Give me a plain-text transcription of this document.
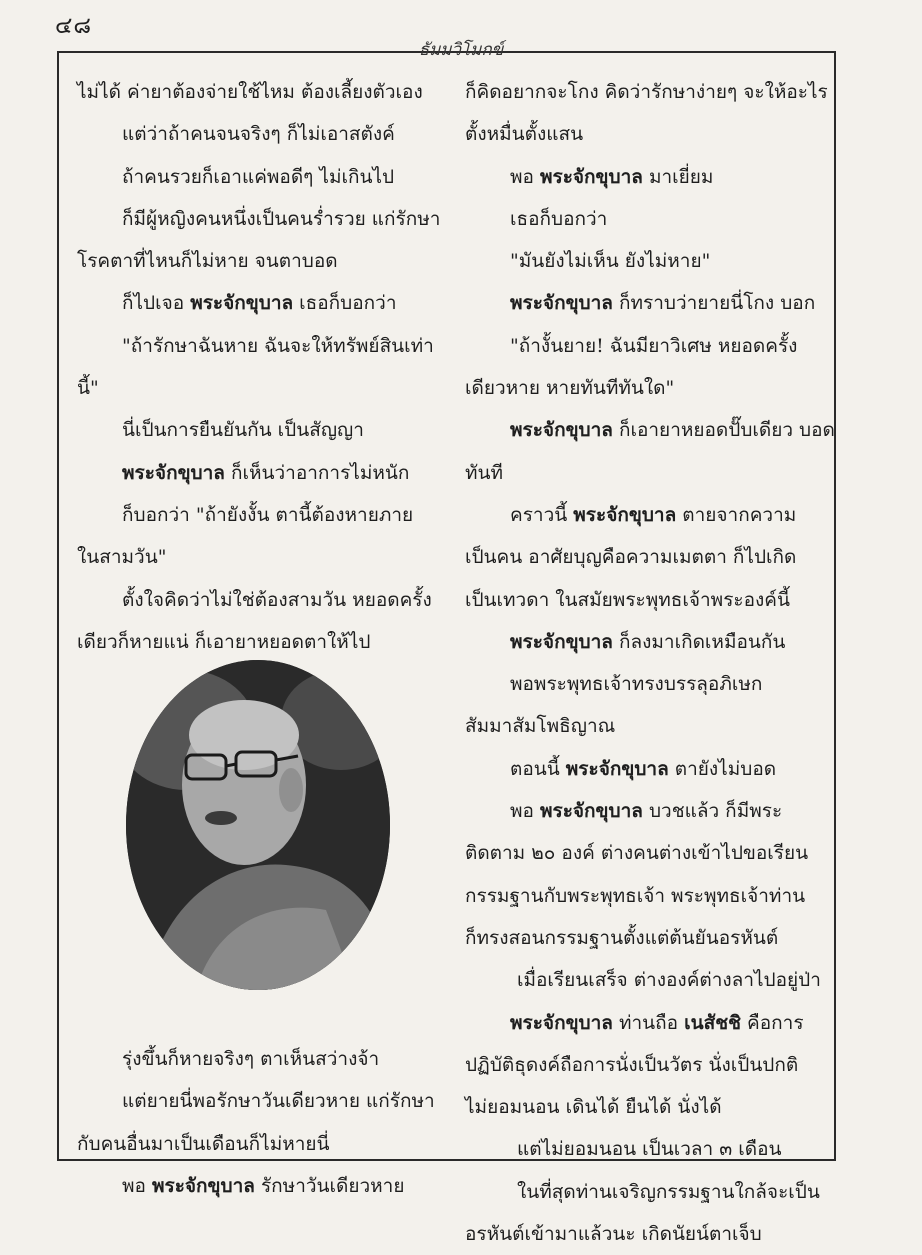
๔๘
ธัมมวิโมกข์
ไม่ได้ ค่ายาต้องจ่ายใช้ไหม ต้องเลี้ยงตัวเอง
แต่ว่าถ้าคนจนจริงๆ ก็ไม่เอาสตังค์
ถ้าคนรวยก็เอาแค่พอดีๆ ไม่เกินไป
ก็มีผู้หญิงคนหนึ่งเป็นคนร่ำรวย แก่รักษา
โรคตาที่ไหนก็ไม่หาย จนตาบอด
ก็ไปเจอ พระจักขุบาล เธอก็บอกว่า
"ถ้ารักษาฉันหาย ฉันจะให้ทรัพย์สินเท่า
นี้"
นี่เป็นการยืนยันกัน เป็นสัญญา
พระจักขุบาล ก็เห็นว่าอาการไม่หนัก
ก็บอกว่า "ถ้ายังงั้น ตานี้ต้องหายภาย
ในสามวัน"
ตั้งใจคิดว่าไม่ใช่ต้องสามวัน หยอดครั้ง
เดียวก็หายแน่ ก็เอายาหยอดตาให้ไป
ก็คิดอยากจะโกง คิดว่ารักษาง่ายๆ จะให้อะไร
ตั้งหมื่นตั้งแสน
พอ พระจักขุบาล มาเยี่ยม
เธอก็บอกว่า
"มันยังไม่เห็น ยังไม่หาย"
พระจักขุบาล ก็ทราบว่ายายนี่โกง บอก
"ถ้างั้นยาย! ฉันมียาวิเศษ หยอดครั้ง
เดียวหาย หายทันทีทันใด"
พระจักขุบาล ก็เอายาหยอดปั๊บเดียว บอด
ทันที
คราวนี้ พระจักขุบาล ตายจากความ
เป็นคน อาศัยบุญคือความเมตตา ก็ไปเกิด
เป็นเทวดา ในสมัยพระพุทธเจ้าพระองค์นี้
พระจักขุบาล ก็ลงมาเกิดเหมือนกัน
พอพระพุทธเจ้าทรงบรรลุอภิเษก
สัมมาสัมโพธิญาณ
ตอนนี้ พระจักขุบาล ตายังไม่บอด
พอ พระจักขุบาล บวชแล้ว ก็มีพระ
ติดตาม ๒๐ องค์ ต่างคนต่างเข้าไปขอเรียน
กรรมฐานกับพระพุทธเจ้า พระพุทธเจ้าท่าน
ก็ทรงสอนกรรมฐานตั้งแต่ต้นยันอรหันต์
เมื่อเรียนเสร็จ ต่างองค์ต่างลาไปอยู่ป่า
พระจักขุบาล ท่านถือ เนสัชชิ คือการ
ปฏิบัติธุดงค์ถือการนั่งเป็นวัตร นั่งเป็นปกติ
ไม่ยอมนอน เดินได้ ยืนได้ นั่งได้
แต่ไม่ยอมนอน เป็นเวลา ๓ เดือน
ในที่สุดท่านเจริญกรรมฐานใกล้จะเป็น
อรหันต์เข้ามาแล้วนะ เกิดนัยน์ตาเจ็บ
รุ่งขึ้นก็หายจริงๆ ตาเห็นสว่างจ้า
แต่ยายนี่พอรักษาวันเดียวหาย แก่รักษา
กับคนอื่นมาเป็นเดือนก็ไม่หายนี่
พอ พระจักขุบาล รักษาวันเดียวหาย
